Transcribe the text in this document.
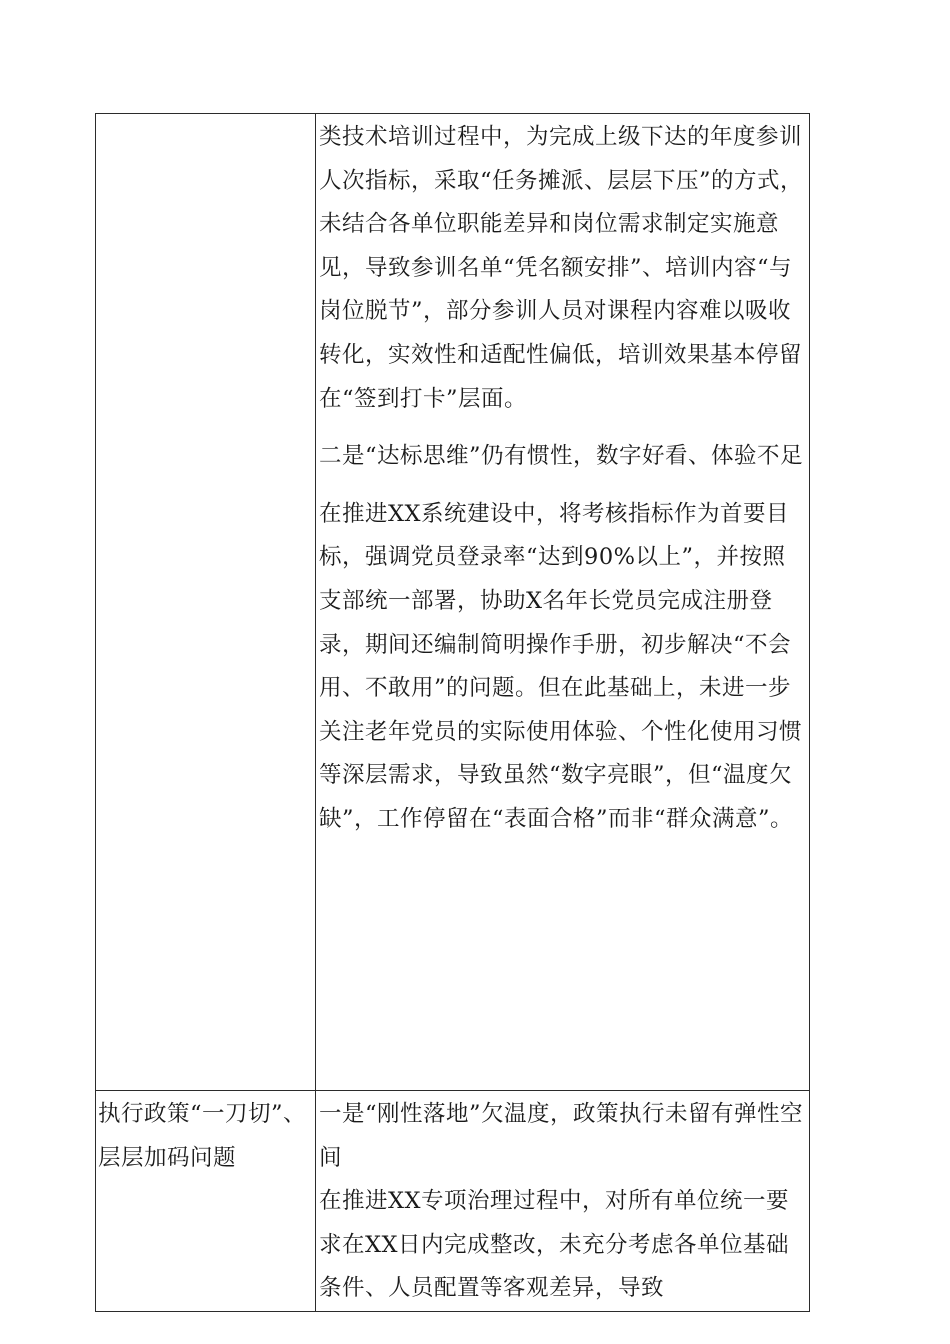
	类技术培训过程中，为完成上级下达的年度参训人次指标，采取“任务摊派、层层下压”的方式，未结合各单位职能差异和岗位需求制定实施意见，导致参训名单“凭名额安排”、培训内容“与岗位脱节”，部分参训人员对课程内容难以吸收转化，实效性和适配性偏低，培训效果基本停留在“签到打卡”层面。

二是“达标思维”仍有惯性，数字好看、体验不足

在推进XX系统建设中，将考核指标作为首要目标，强调党员登录率“达到90%以上”，并按照支部统一部署，协助X名年长党员完成注册登录，期间还编制简明操作手册，初步解决“不会用、不敢用”的问题。但在此基础上，未进一步关注老年党员的实际使用体验、个性化使用习惯等深层需求，导致虽然“数字亮眼”，但“温度欠缺”，工作停留在“表面合格”而非“群众满意”。

执行政策“一刀切”、层层加码问题	一是“刚性落地”欠温度，政策执行未留有弹性空间

在推进XX专项治理过程中，对所有单位统一要求在XX日内完成整改，未充分考虑各单位基础条件、人员配置等客观差异，导致
